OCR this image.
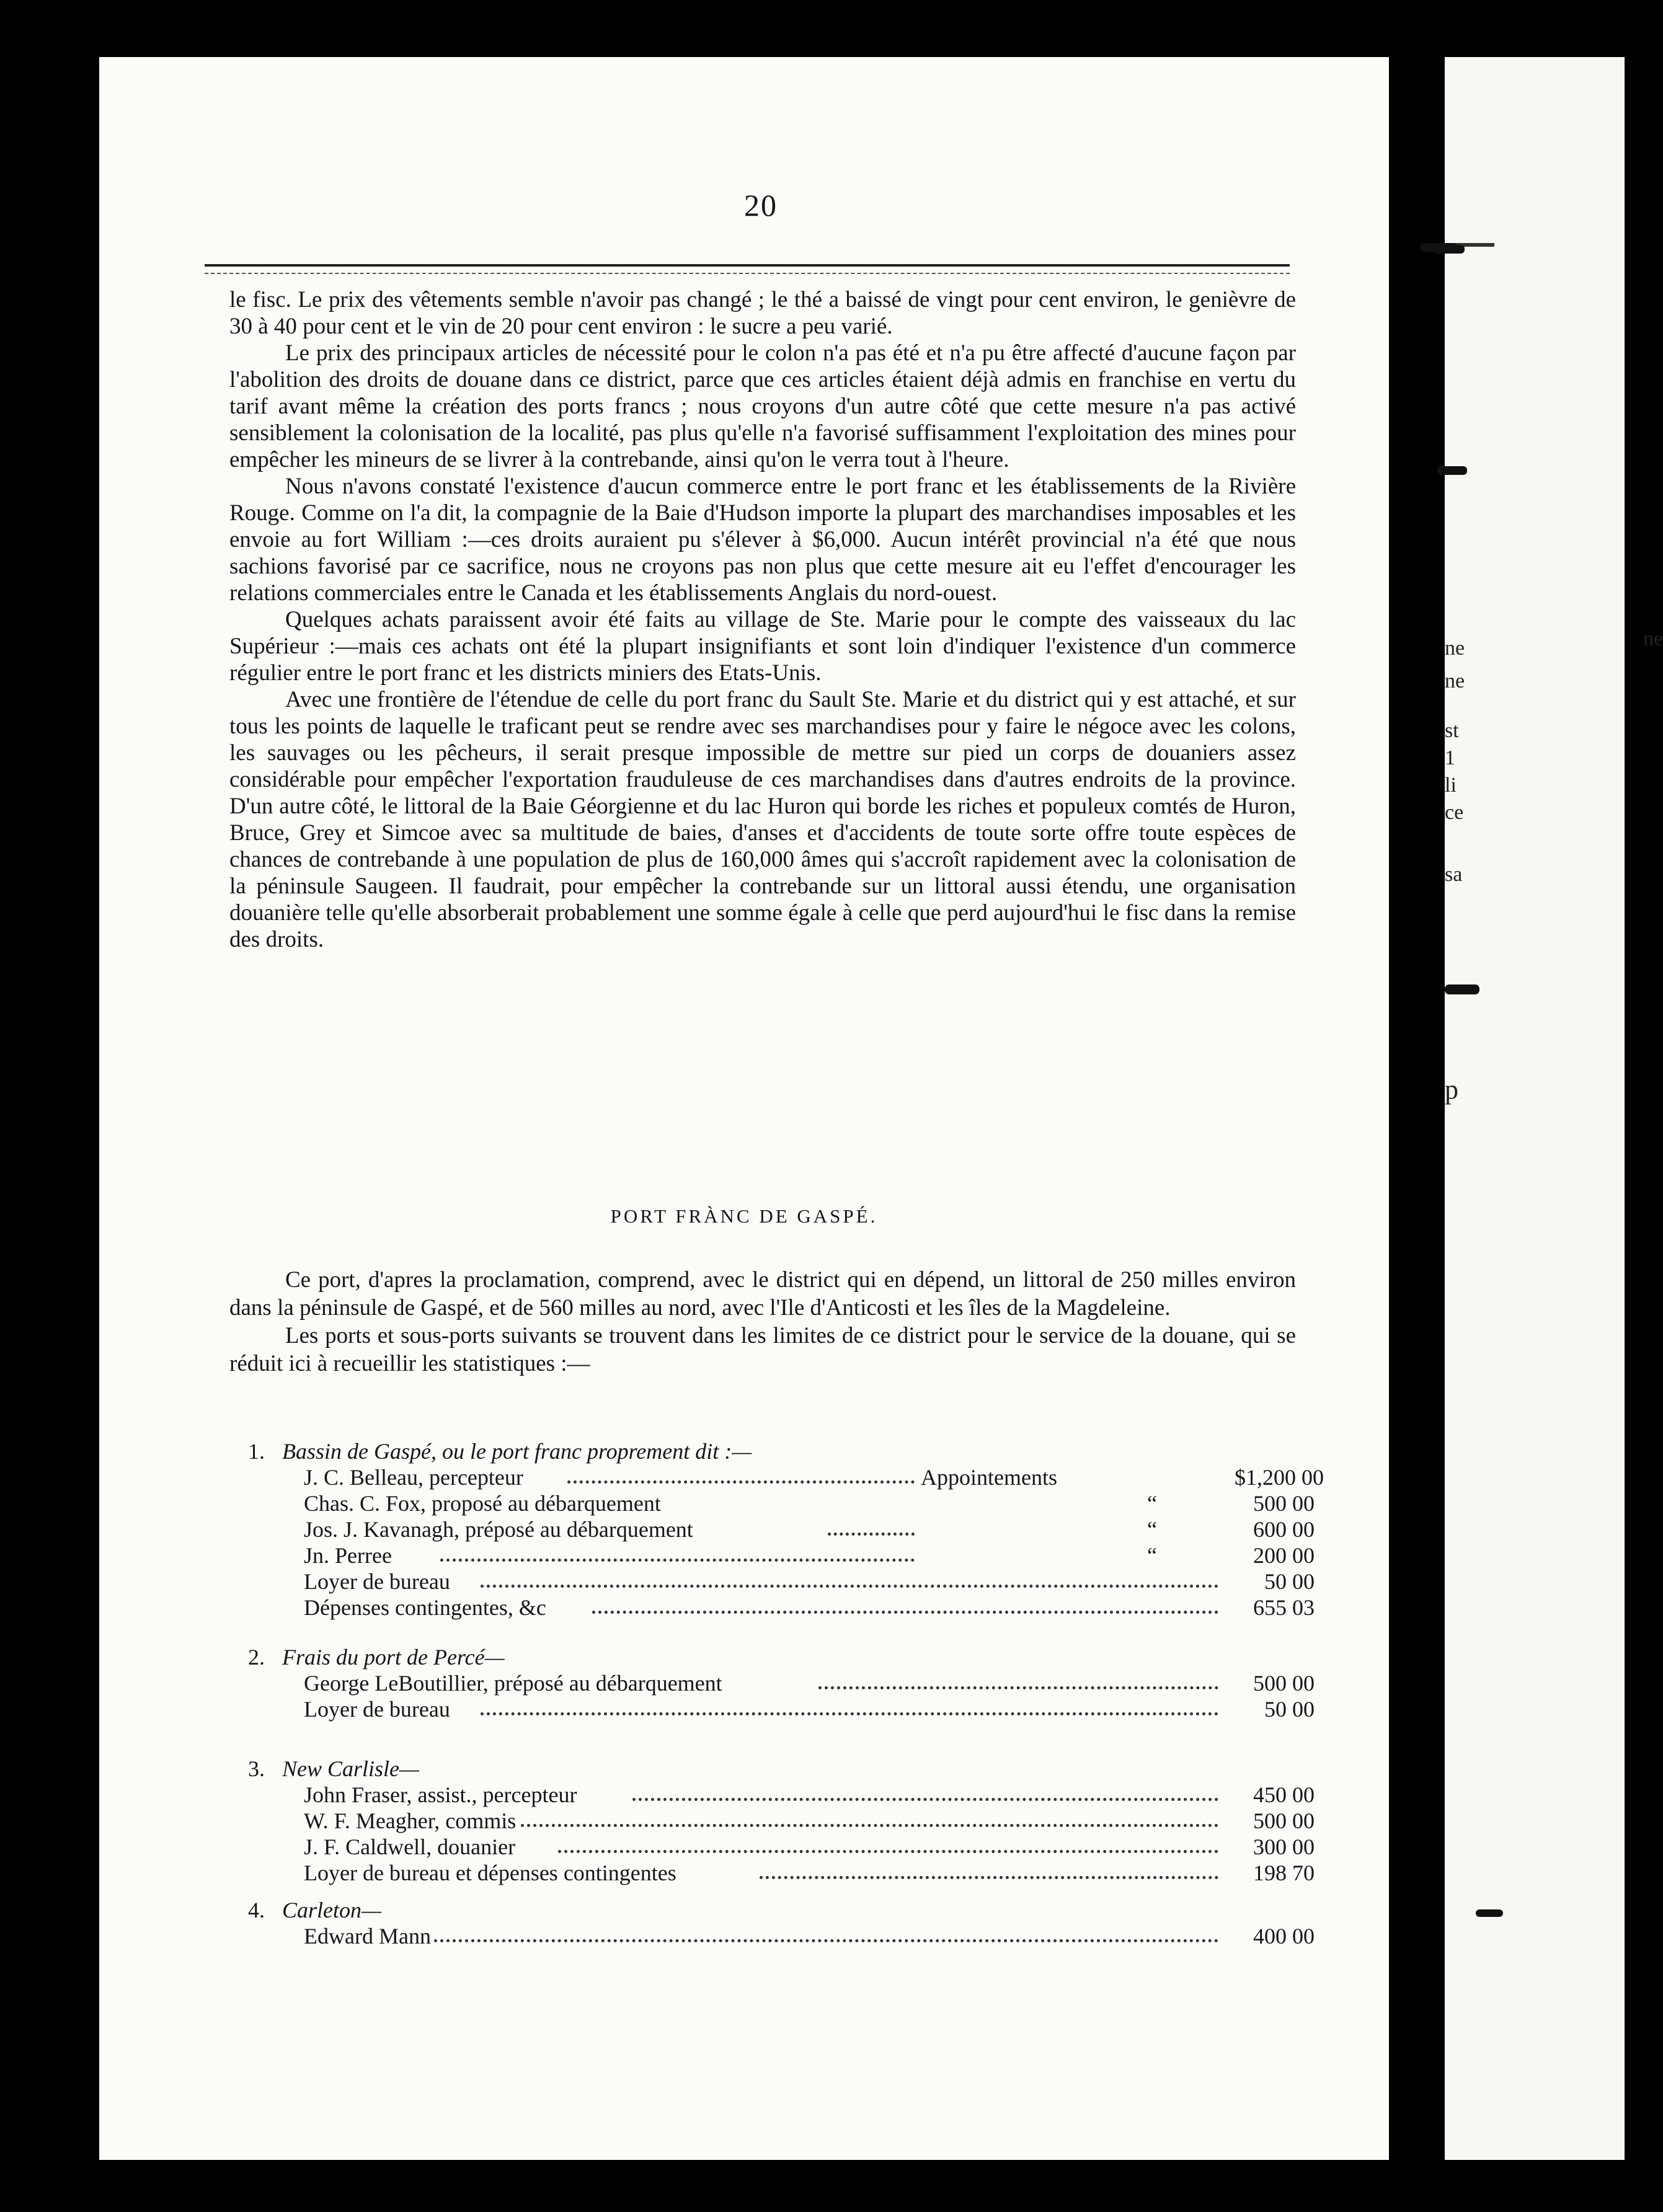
20

le fisc. Le prix des vêtements semble n'avoir pas changé ; le thé a baissé de vingt pour cent environ, le genièvre de 30 à 40 pour cent et le vin de 20 pour cent environ : le sucre a peu varié.

Le prix des principaux articles de nécessité pour le colon n'a pas été et n'a pu être affecté d'aucune façon par l'abolition des droits de douane dans ce district, parce que ces articles étaient déjà admis en franchise en vertu du tarif avant même la création des ports francs ; nous croyons d'un autre côté que cette mesure n'a pas activé sensiblement la colonisation de la localité, pas plus qu'elle n'a favorisé suffisamment l'exploitation des mines pour empêcher les mineurs de se livrer à la contrebande, ainsi qu'on le verra tout à l'heure.

Nous n'avons constaté l'existence d'aucun commerce entre le port franc et les établissements de la Rivière Rouge. Comme on l'a dit, la compagnie de la Baie d'Hudson importe la plupart des marchandises imposables et les envoie au fort William :—ces droits auraient pu s'élever à $6,000. Aucun intérêt provincial n'a été que nous sachions favorisé par ce sacrifice, nous ne croyons pas non plus que cette mesure ait eu l'effet d'encourager les relations commerciales entre le Canada et les établissements Anglais du nord-ouest.

Quelques achats paraissent avoir été faits au village de Ste. Marie pour le compte des vaisseaux du lac Supérieur :—mais ces achats ont été la plupart insignifiants et sont loin d'indiquer l'existence d'un commerce régulier entre le port franc et les districts miniers des Etats-Unis.

Avec une frontière de l'étendue de celle du port franc du Sault Ste. Marie et du district qui y est attaché, et sur tous les points de laquelle le traficant peut se rendre avec ses marchandises pour y faire le négoce avec les colons, les sauvages ou les pêcheurs, il serait presque impossible de mettre sur pied un corps de douaniers assez considérable pour empêcher l'exportation frauduleuse de ces marchandises dans d'autres endroits de la province. D'un autre côté, le littoral de la Baie Géorgienne et du lac Huron qui borde les riches et populeux comtés de Huron, Bruce, Grey et Simcoe avec sa multitude de baies, d'anses et d'accidents de toute sorte offre toute espèces de chances de contrebande à une population de plus de 160,000 âmes qui s'accroît rapidement avec la colonisation de la péninsule Saugeen. Il faudrait, pour empêcher la contrebande sur un littoral aussi étendu, une organisation douanière telle qu'elle absorberait probablement une somme égale à celle que perd aujourd'hui le fisc dans la remise des droits.

PORT FRÀNC DE GASPÉ.

Ce port, d'apres la proclamation, comprend, avec le district qui en dépend, un littoral de 250 milles environ dans la péninsule de Gaspé, et de 560 milles au nord, avec l'Ile d'Anticosti et les îles de la Magdeleine.

Les ports et sous-ports suivants se trouvent dans les limites de ce district pour le service de la douane, qui se réduit ici à recueillir les statistiques :—

1. Bassin de Gaspé, ou le port franc proprement dit :—
J. C. Belleau, percepteur	Appointements	$1,200 00
Chas. C. Fox, proposé au débarquement	“	500 00
Jos. J. Kavanagh, préposé au débarquement	“	600 00
Jn. Perree	“	200 00
Loyer de bureau	50 00
Dépenses contingentes, &c	655 03
2. Frais du port de Percé—
George LeBoutillier, préposé au débarquement	500 00
Loyer de bureau	50 00
3. New Carlisle—
John Fraser, assist., percepteur	450 00
W. F. Meagher, commis	500 00
J. F. Caldwell, douanier	300 00
Loyer de bureau et dépenses contingentes	198 70
4. Carleton—
Edward Mann	400 00
ne
ne
ne
st
1
li
ce
sa
p
